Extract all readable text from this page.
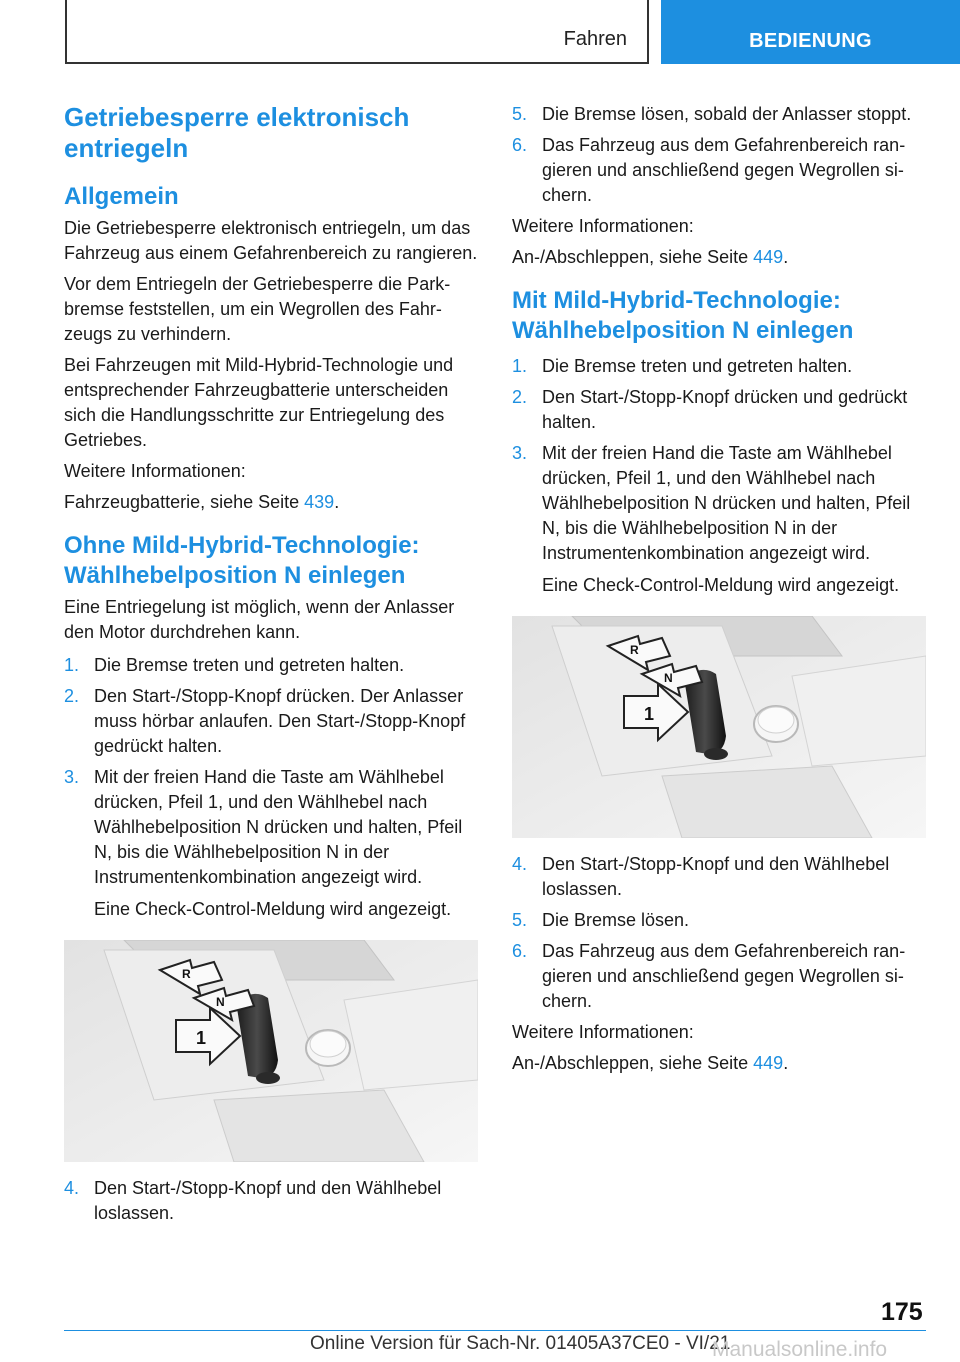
Fahren	BEDIENUNG
Getriebesperre elektronisch entriegeln
Allgemein

Die Getriebesperre elektronisch entriegeln, um das Fahrzeug aus einem Gefahrenbereich zu rangieren.

Vor dem Entriegeln der Getriebesperre die Parkbremse feststellen, um ein Wegrollen des Fahrzeugs zu verhindern.

Bei Fahrzeugen mit Mild-Hybrid-Technologie und entsprechender Fahrzeugbatterie unterscheiden sich die Handlungsschritte zur Entriegelung des Getriebes.

Weitere Informationen:

Fahrzeugbatterie, siehe Seite 439.

Ohne Mild-Hybrid-Technologie: Wählhebelposition N einlegen

Eine Entriegelung ist möglich, wenn der Anlasser den Motor durchdrehen kann.

1. Die Bremse treten und getreten halten.
2. Den Start-/Stopp-Knopf drücken. Der Anlasser muss hörbar anlaufen. Den Start-/Stopp-Knopf gedrückt halten.
3. Mit der freien Hand die Taste am Wählhebel drücken, Pfeil 1, und den Wählhebel nach Wählhebelposition N drücken und halten, Pfeil N, bis die Wählhebelposition N in der Instrumentenkombination angezeigt wird.
Eine Check-Control-Meldung wird angezeigt.
R
N
1
4. Den Start-/Stopp-Knopf und den Wählhebel loslassen.
5. Die Bremse lösen, sobald der Anlasser stoppt.
6. Das Fahrzeug aus dem Gefahrenbereich rangieren und anschließend gegen Wegrollen sichern.

Weitere Informationen:

An-/Abschleppen, siehe Seite 449.

Mit Mild-Hybrid-Technologie: Wählhebelposition N einlegen
1. Die Bremse treten und getreten halten.
2. Den Start-/Stopp-Knopf drücken und gedrückt halten.
3. Mit der freien Hand die Taste am Wählhebel drücken, Pfeil 1, und den Wählhebel nach Wählhebelposition N drücken und halten, Pfeil N, bis die Wählhebelposition N in der Instrumentenkombination angezeigt wird.
Eine Check-Control-Meldung wird angezeigt.
R
N
1
4. Den Start-/Stopp-Knopf und den Wählhebel loslassen.
5. Die Bremse lösen.
6. Das Fahrzeug aus dem Gefahrenbereich rangieren und anschließend gegen Wegrollen sichern.

Weitere Informationen:

An-/Abschleppen, siehe Seite 449.

175
Online Version für Sach-Nr. 01405A37CE0 - VI/21
Manualsonline.info
